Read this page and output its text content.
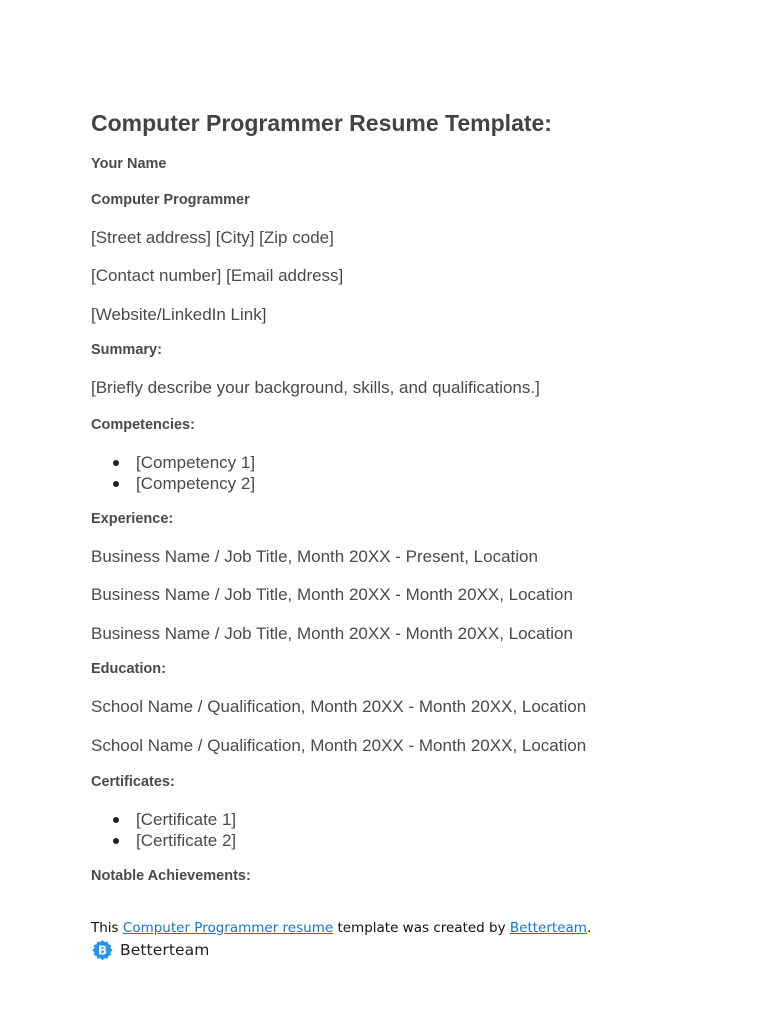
Computer Programmer Resume Template:
Your Name
Computer Programmer
[Street address] [City] [Zip code]
[Contact number] [Email address]
[Website/LinkedIn Link]
Summary:
[Briefly describe your background, skills, and qualifications.]
Competencies:
[Competency 1]
[Competency 2]
Experience:
Business Name / Job Title, Month 20XX - Present, Location
Business Name / Job Title, Month 20XX - Month 20XX, Location
Business Name / Job Title, Month 20XX - Month 20XX, Location
Education:
School Name / Qualification, Month 20XX - Month 20XX, Location
School Name / Qualification, Month 20XX - Month 20XX, Location
Certificates:
[Certificate 1]
[Certificate 2]
Notable Achievements:
This Computer Programmer resume template was created by Betterteam.
B Betterteam
